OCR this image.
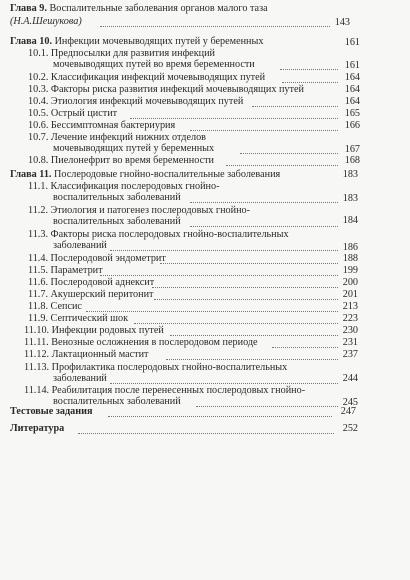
Глава 9. Воспалительные заболевания органов малого таза
(Н.А.Шешукова)	143
Глава 10. Инфекции мочевыводящих путей у беременных	161
10.1. Предпосылки для развития инфекций
мочевыводящих путей во время беременности	161
10.2. Классификация инфекций мочевыводящих путей	164
10.3. Факторы риска развития инфекций мочевыводящих путей	164
10.4. Этиология инфекций мочевыводящих путей	164
10.5. Острый цистит	165
10.6. Бессимптомная бактериурия	166
10.7. Лечение инфекций нижних отделов
мочевыводящих путей у беременных	167
10.8. Пиелонефрит во время беременности	168
Глава 11. Послеродовые гнойно-воспалительные заболевания	183
11.1. Классификация послеродовых гнойно-
воспалительных заболеваний	183
11.2. Этиология и патогенез послеродовых гнойно-
воспалительных заболеваний	184
11.3. Факторы риска послеродовых гнойно-воспалительных
заболеваний	186
11.4. Послеродовой эндометрит	188
11.5. Параметрит	199
11.6. Послеродовой аднексит	200
11.7. Акушерский перитонит	201
11.8. Сепсис	213
11.9. Септический шок	223
11.10. Инфекции родовых путей	230
11.11. Венозные осложнения в послеродовом периоде	231
11.12. Лактационный мастит	237
11.13. Профилактика послеродовых гнойно-воспалительных
заболеваний	244
11.14. Реабилитация после перенесенных послеродовых гнойно-
воспалительных заболеваний	245
Тестовые задания	247
Литература	252
